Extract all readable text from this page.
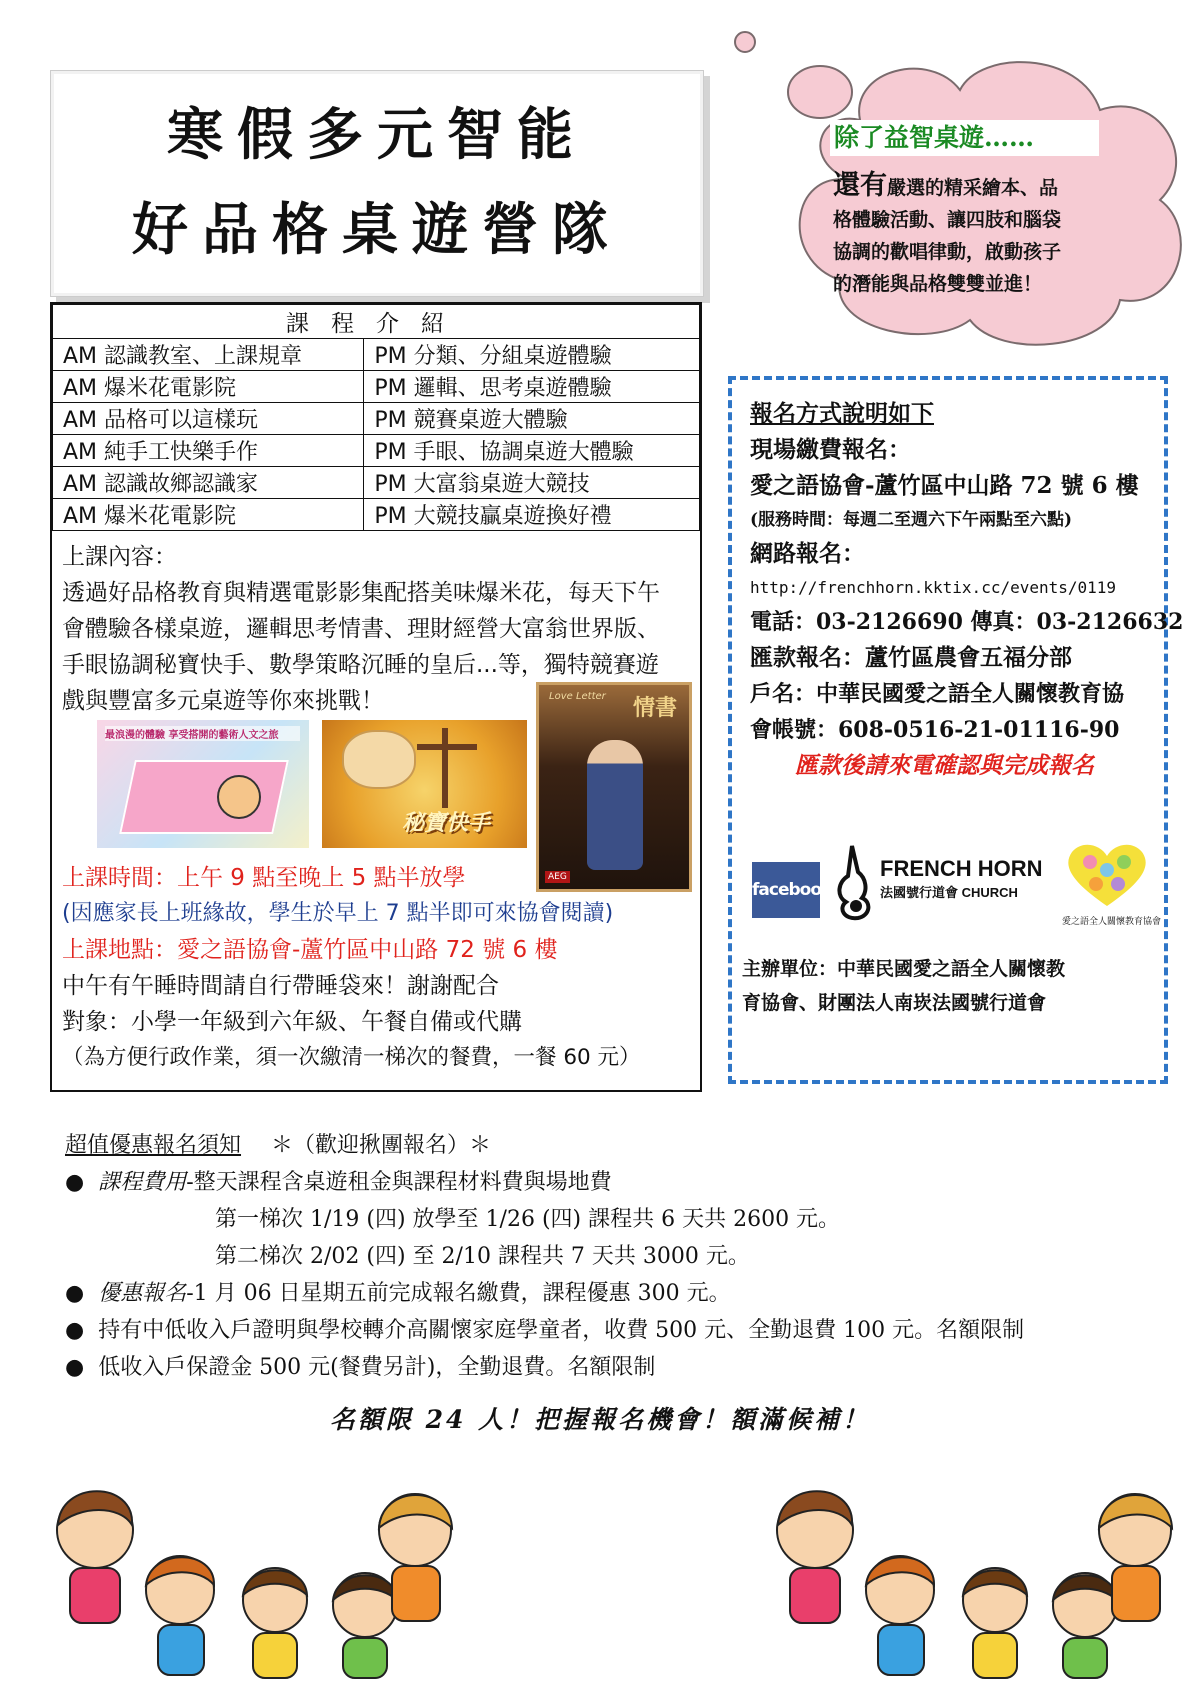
寒假多元智能
好品格桌遊營隊
除了益智桌遊……
還有嚴選的精采繪本、品
格體驗活動、讓四肢和腦袋
協調的歡唱律動，啟動孩子
的潛能與品格雙雙並進！
課程介紹	
AM 認識教室、上課規章	PM 分類、分組桌遊體驗
AM 爆米花電影院	PM 邏輯、思考桌遊體驗
AM 品格可以這樣玩	PM 競賽桌遊大體驗
AM 純手工快樂手作	PM 手眼、協調桌遊大體驗
AM 認識故鄉認識家	PM 大富翁桌遊大競技
AM 爆米花電影院	PM 大競技贏桌遊換好禮
上課內容：
透過好品格教育與精選電影影集配搭美味爆米花，每天下午
會體驗各樣桌遊，邏輯思考情書、理財經營大富翁世界版、
手眼協調秘寶快手、數學策略沉睡的皇后...等，獨特競賽遊
戲與豐富多元桌遊等你來挑戰！
最浪漫的體驗 享受搭開的藝術人文之旅
秘寶快手
Love Letter 情書
AEG
上課時間：上午 9 點至晚上 5 點半放學
(因應家長上班緣故，學生於早上 7 點半即可來協會閱讀)
上課地點：愛之語協會-蘆竹區中山路 72 號 6 樓
中午有午睡時間請自行帶睡袋來！謝謝配合
對象：小學一年級到六年級、午餐自備或代購
（為方便行政作業，須一次繳清一梯次的餐費，一餐 60 元）
報名方式說明如下
現場繳費報名：
愛之語協會-蘆竹區中山路 72 號 6 樓
(服務時間：每週二至週六下午兩點至六點)
網路報名：
http://frenchhorn.kktix.cc/events/0119
電話：03-2126690 傳真：03-2126632
匯款報名：蘆竹區農會五福分部
戶名：中華民國愛之語全人關懷教育協
會帳號：608-0516-21-01116-90
匯款後請來電確認與完成報名
facebook
FRENCH HORN
法國號行道會 CHURCH
愛之語全人關懷教育協會
主辦單位：中華民國愛之語全人關懷教
育協會、財團法人南崁法國號行道會
超值優惠報名須知 ＊（歡迎揪團報名）＊
●  課程費用-整天課程含桌遊租金與課程材料費與場地費
第一梯次 1/19 (四) 放學至 1/26 (四) 課程共 6 天共 2600 元。
第二梯次 2/02 (四) 至 2/10 課程共 7 天共 3000 元。
●  優惠報名-1 月 06 日星期五前完成報名繳費，課程優惠 300 元。
●  持有中低收入戶證明與學校轉介高關懷家庭學童者，收費 500 元、全勤退費 100 元。名額限制
●  低收入戶保證金 500 元(餐費另計)，全勤退費。名額限制
名額限 24 人！把握報名機會！額滿候補！
